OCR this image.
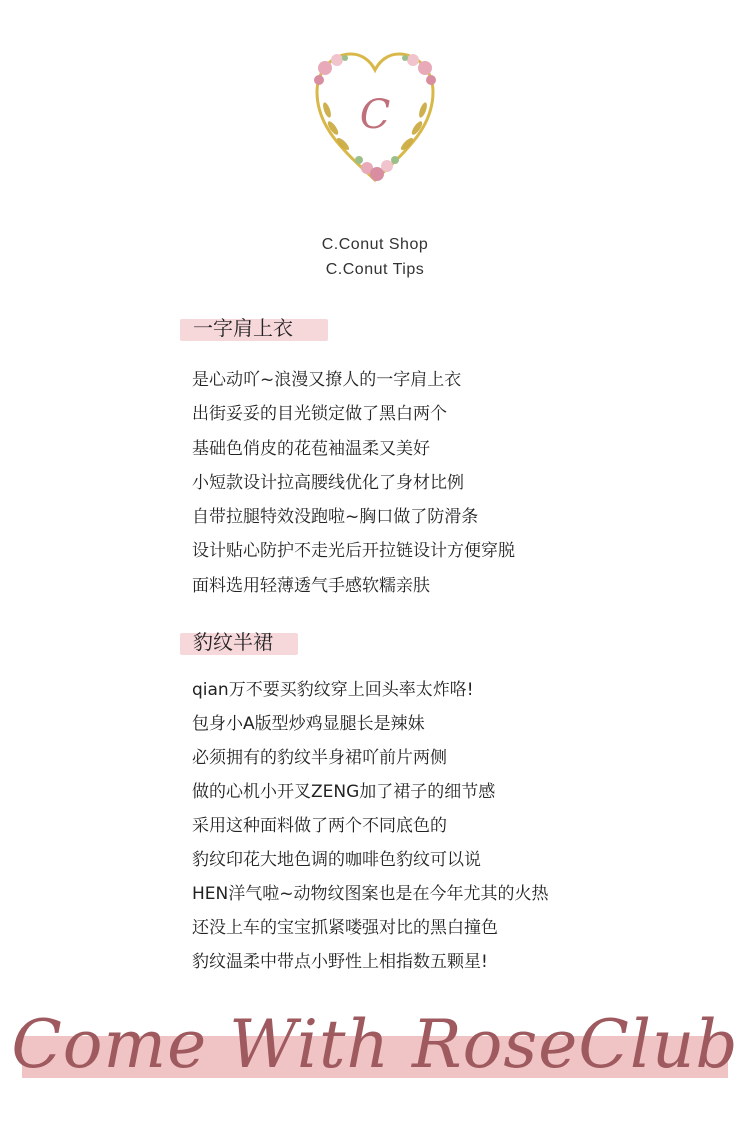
C
C.Conut Shop
C.Conut Tips
一字肩上衣
是心动吖~浪漫又撩人的一字肩上衣
出街妥妥的目光锁定做了黑白两个
基础色俏皮的花苞袖温柔又美好
小短款设计拉高腰线优化了身材比例
自带拉腿特效没跑啦~胸口做了防滑条
设计贴心防护不走光后开拉链设计方便穿脱
面料选用轻薄透气手感软糯亲肤
豹纹半裙
qian万不要买豹纹穿上回头率太炸咯!
包身小A版型炒鸡显腿长是辣妹
必须拥有的豹纹半身裙吖前片两侧
做的心机小开叉ZENG加了裙子的细节感
采用这种面料做了两个不同底色的
豹纹印花大地色调的咖啡色豹纹可以说
HEN洋气啦~动物纹图案也是在今年尤其的火热
还没上车的宝宝抓紧喽强对比的黑白撞色
豹纹温柔中带点小野性上相指数五颗星!
Come With RoseClub
